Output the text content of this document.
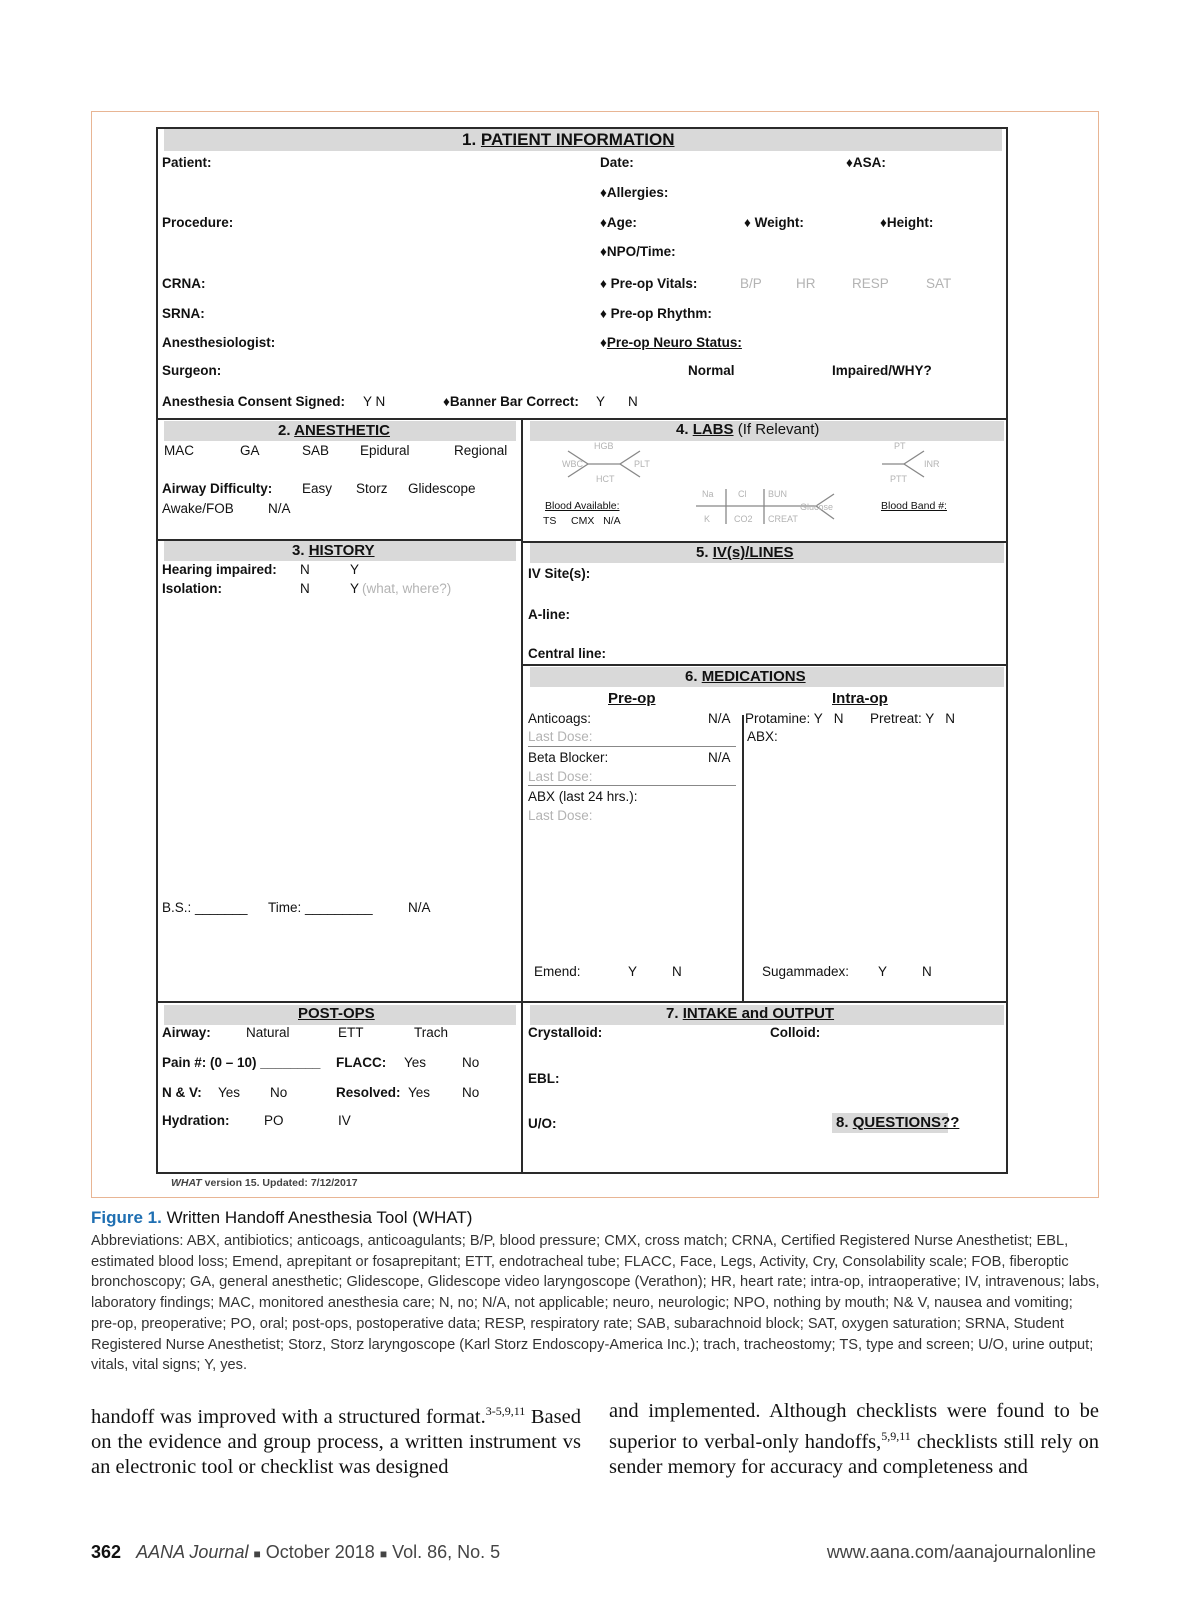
1. PATIENT INFORMATION
Patient:	Date:	♦ASA:
♦Allergies:
Procedure:	♦Age:	♦ Weight:	♦Height:
♦NPO/Time:
CRNA:	♦ Pre-op Vitals:	B/P	HR	RESP	SAT
SRNA:	♦ Pre-op Rhythm:
Anesthesiologist:	♦Pre-op Neuro Status:
Surgeon:	Normal	Impaired/WHY?
Anesthesia Consent Signed: Y N	♦Banner Bar Correct: Y N
2. ANESTHETIC
MAC	GA	SAB Epidural	Regional
Airway Difficulty: Easy Storz Glidescope
Awake/FOB	N/A
4. LABS (If Relevant)
HGB
WBC	PLT
HCT
PT
INR
PTT
Na	Cl BUN
Glucose
K	CO2 CREAT
Blood Available:
TS     CMX   N/A
Blood Band #:
3. HISTORY
Hearing impaired: N	Y
Isolation:	N	Y (what, where?)
B.S.: _______ Time: _________	N/A
5. IV(s)/LINES
IV Site(s):
A-line:
Central line:
6. MEDICATIONS
Pre-op	Intra-op
Anticoags:	N/A
Last Dose:
Beta Blocker:	N/A
Last Dose:
ABX (last 24 hrs.):
Last Dose:
Protamine: Y   N Pretreat: Y   N
ABX:
Emend:	Y	N	Sugammadex: Y	N
POST-OPS
Airway:	Natural	ETT	Trach
Pain #: (0 – 10) ________ FLACC: Yes	No
N & V: Yes No	Resolved: Yes No
Hydration:	PO	IV
7. INTAKE and OUTPUT
Crystalloid:	Colloid:
EBL:
U/O:	8. QUESTIONS??
WHAT version 15. Updated: 7/12/2017
Figure 1. Written Handoff Anesthesia Tool (WHAT)
Abbreviations: ABX, antibiotics; anticoags, anticoagulants; B/P, blood pressure; CMX, cross match; CRNA, Certified Registered Nurse Anesthetist; EBL, estimated blood loss; Emend, aprepitant or fosaprepitant; ETT, endotracheal tube; FLACC, Face, Legs, Activity, Cry, Consolability scale; FOB, fiberoptic bronchoscopy; GA, general anesthetic; Glidescope, Glidescope video laryngoscope (Verathon); HR, heart rate; intra-op, intraoperative; IV, intravenous; labs, laboratory findings; MAC, monitored anesthesia care; N, no; N/A, not applicable; neuro, neurologic; NPO, nothing by mouth; N& V, nausea and vomiting; pre-op, preoperative; PO, oral; post-ops, postoperative data; RESP, respiratory rate; SAB, subarachnoid block; SAT, oxygen saturation; SRNA, Student Registered Nurse Anesthetist; Storz, Storz laryngoscope (Karl Storz Endoscopy-America Inc.); trach, tracheostomy; TS, type and screen; U/O, urine output; vitals, vital signs; Y, yes.
handoff was improved with a structured format.$^{3-5,9,11}$ Based on the evidence and group process, a written instrument vs an electronic tool or checklist was designed
and implemented. Although checklists were found to be superior to verbal-only handoffs,$^{5,9,11}$ checklists still rely on sender memory for accuracy and completeness and
362 AANA Journal ■ October 2018 ■ Vol. 86, No. 5	www.aana.com/aanajournalonline
